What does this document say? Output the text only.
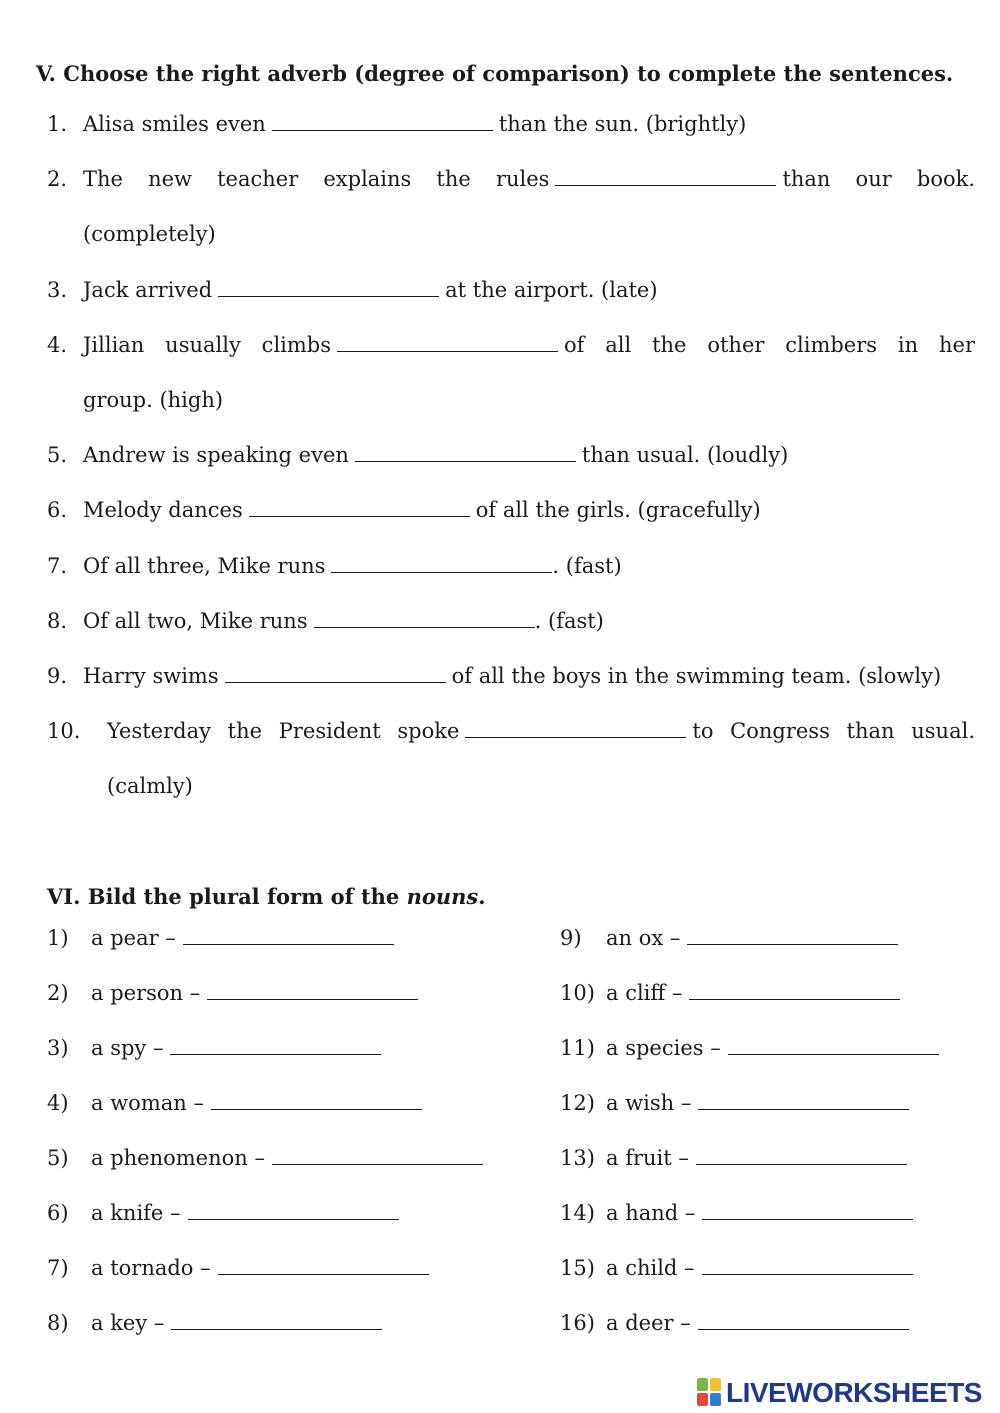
V. Choose the right adverb (degree of comparison) to complete the sentences.
1. Alisa smiles even	than the sun. (brightly)
2. The new teacher explains the rules	than our book.
(completely)
3. Jack arrived	at the airport. (late)
4. Jillian usually climbs	of all the other climbers in her
group. (high)
5. Andrew is speaking even	than usual. (loudly)
6. Melody dances	of all the girls. (gracefully)
7. Of all three, Mike runs	. (fast)
8. Of all two, Mike runs	. (fast)
9. Harry swims	of all the boys in the swimming team. (slowly)
10. Yesterday the President spoke	to Congress than usual.
(calmly)
VI. Bild the plural form of the nouns.
1) a pear –
2) a person –
3) a spy –
4) a woman –
5) a phenomenon –
6) a knife –
7) a tornado –
8) a key –
9) an ox –
10) a cliff –
11) a species –
12) a wish –
13) a fruit –
14) a hand –
15) a child –
16) a deer –
LIVEWORKSHEETS
